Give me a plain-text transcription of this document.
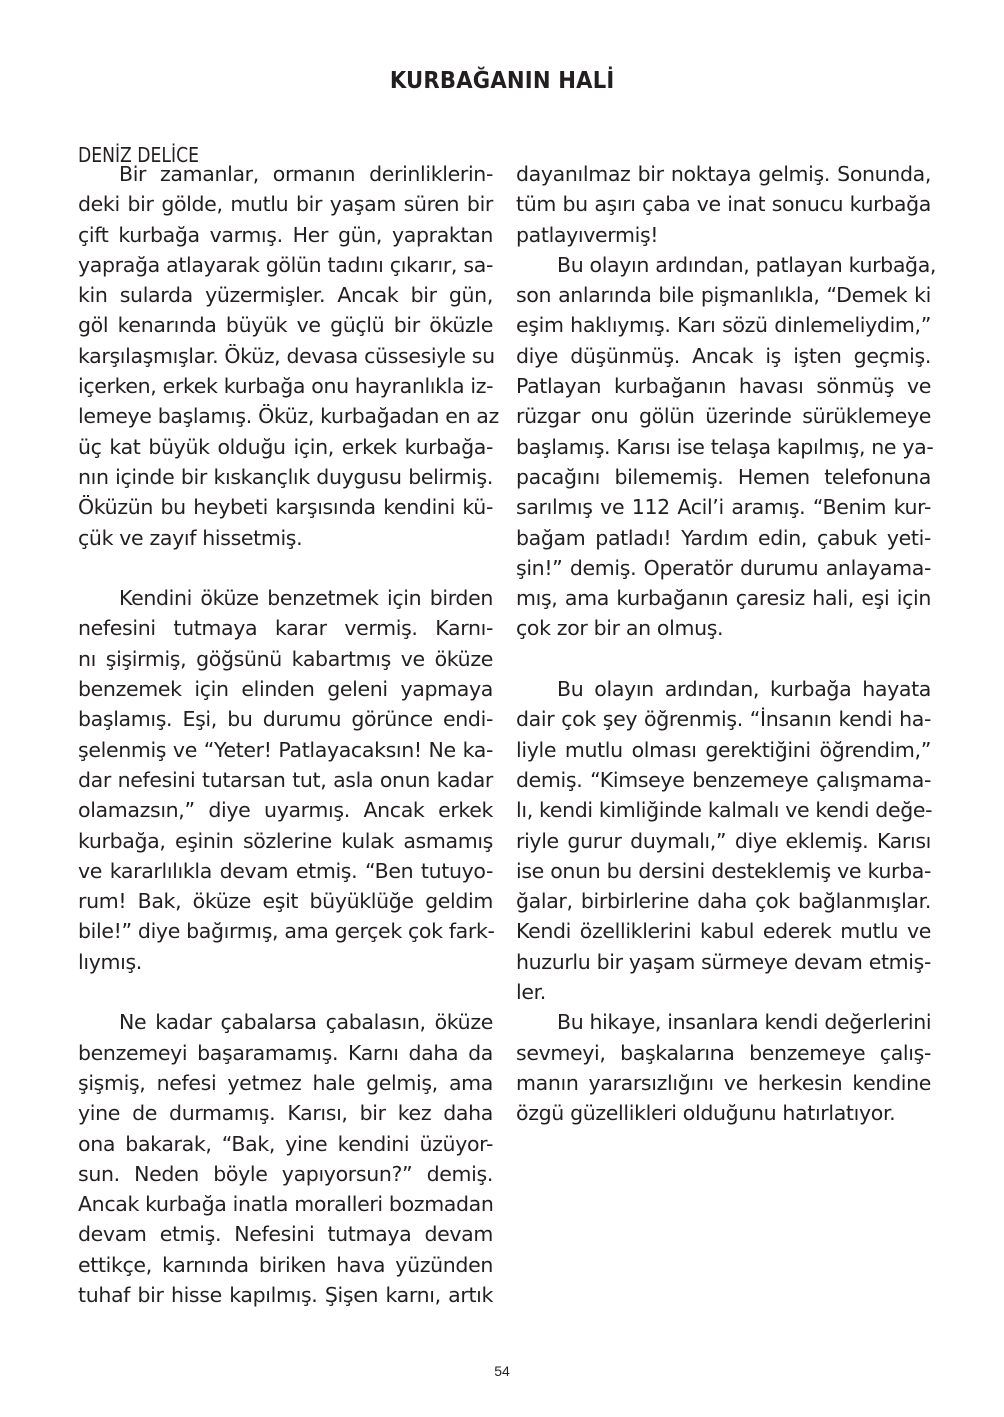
KURBAĞANIN HALİ
DENİZ DELİCE
Bir zamanlar, ormanın derinliklerin-
deki bir gölde, mutlu bir yaşam süren bir
çift kurbağa varmış. Her gün, yapraktan
yaprağa atlayarak gölün tadını çıkarır, sa-
kin sularda yüzermişler. Ancak bir gün,
göl kenarında büyük ve güçlü bir öküzle
karşılaşmışlar. Öküz, devasa cüssesiyle su
içerken, erkek kurbağa onu hayranlıkla iz-
lemeye başlamış. Öküz, kurbağadan en az
üç kat büyük olduğu için, erkek kurbağa-
nın içinde bir kıskançlık duygusu belirmiş.
Öküzün bu heybeti karşısında kendini kü-
çük ve zayıf hissetmiş.
Kendini öküze benzetmek için birden
nefesini tutmaya karar vermiş. Karnı-
nı şişirmiş, göğsünü kabartmış ve öküze
benzemek için elinden geleni yapmaya
başlamış. Eşi, bu durumu görünce endi-
şelenmiş ve “Yeter! Patlayacaksın! Ne ka-
dar nefesini tutarsan tut, asla onun kadar
olamazsın,” diye uyarmış. Ancak erkek
kurbağa, eşinin sözlerine kulak asmamış
ve kararlılıkla devam etmiş. “Ben tutuyo-
rum! Bak, öküze eşit büyüklüğe geldim
bile!” diye bağırmış, ama gerçek çok fark-
lıymış.
Ne kadar çabalarsa çabalasın, öküze
benzemeyi başaramamış. Karnı daha da
şişmiş, nefesi yetmez hale gelmiş, ama
yine de durmamış. Karısı, bir kez daha
ona bakarak, “Bak, yine kendini üzüyor-
sun. Neden böyle yapıyorsun?” demiş.
Ancak kurbağa inatla moralleri bozmadan
devam etmiş. Nefesini tutmaya devam
ettikçe, karnında biriken hava yüzünden
tuhaf bir hisse kapılmış. Şişen karnı, artık
dayanılmaz bir noktaya gelmiş. Sonunda,
tüm bu aşırı çaba ve inat sonucu kurbağa
patlayıvermiş!
Bu olayın ardından, patlayan kurbağa,
son anlarında bile pişmanlıkla, “Demek ki
eşim haklıymış. Karı sözü dinlemeliydim,”
diye düşünmüş. Ancak iş işten geçmiş.
Patlayan kurbağanın havası sönmüş ve
rüzgar onu gölün üzerinde sürüklemeye
başlamış. Karısı ise telaşa kapılmış, ne ya-
pacağını bilememiş. Hemen telefonuna
sarılmış ve 112 Acil’i aramış. “Benim kur-
bağam patladı! Yardım edin, çabuk yeti-
şin!” demiş. Operatör durumu anlayama-
mış, ama kurbağanın çaresiz hali, eşi için
çok zor bir an olmuş.
Bu olayın ardından, kurbağa hayata
dair çok şey öğrenmiş. “İnsanın kendi ha-
liyle mutlu olması gerektiğini öğrendim,”
demiş. “Kimseye benzemeye çalışmama-
lı, kendi kimliğinde kalmalı ve kendi değe-
riyle gurur duymalı,” diye eklemiş. Karısı
ise onun bu dersini desteklemiş ve kurba-
ğalar, birbirlerine daha çok bağlanmışlar.
Kendi özelliklerini kabul ederek mutlu ve
huzurlu bir yaşam sürmeye devam etmiş-
ler.
Bu hikaye, insanlara kendi değerlerini
sevmeyi, başkalarına benzemeye çalış-
manın yararsızlığını ve herkesin kendine
özgü güzellikleri olduğunu hatırlatıyor.
54
